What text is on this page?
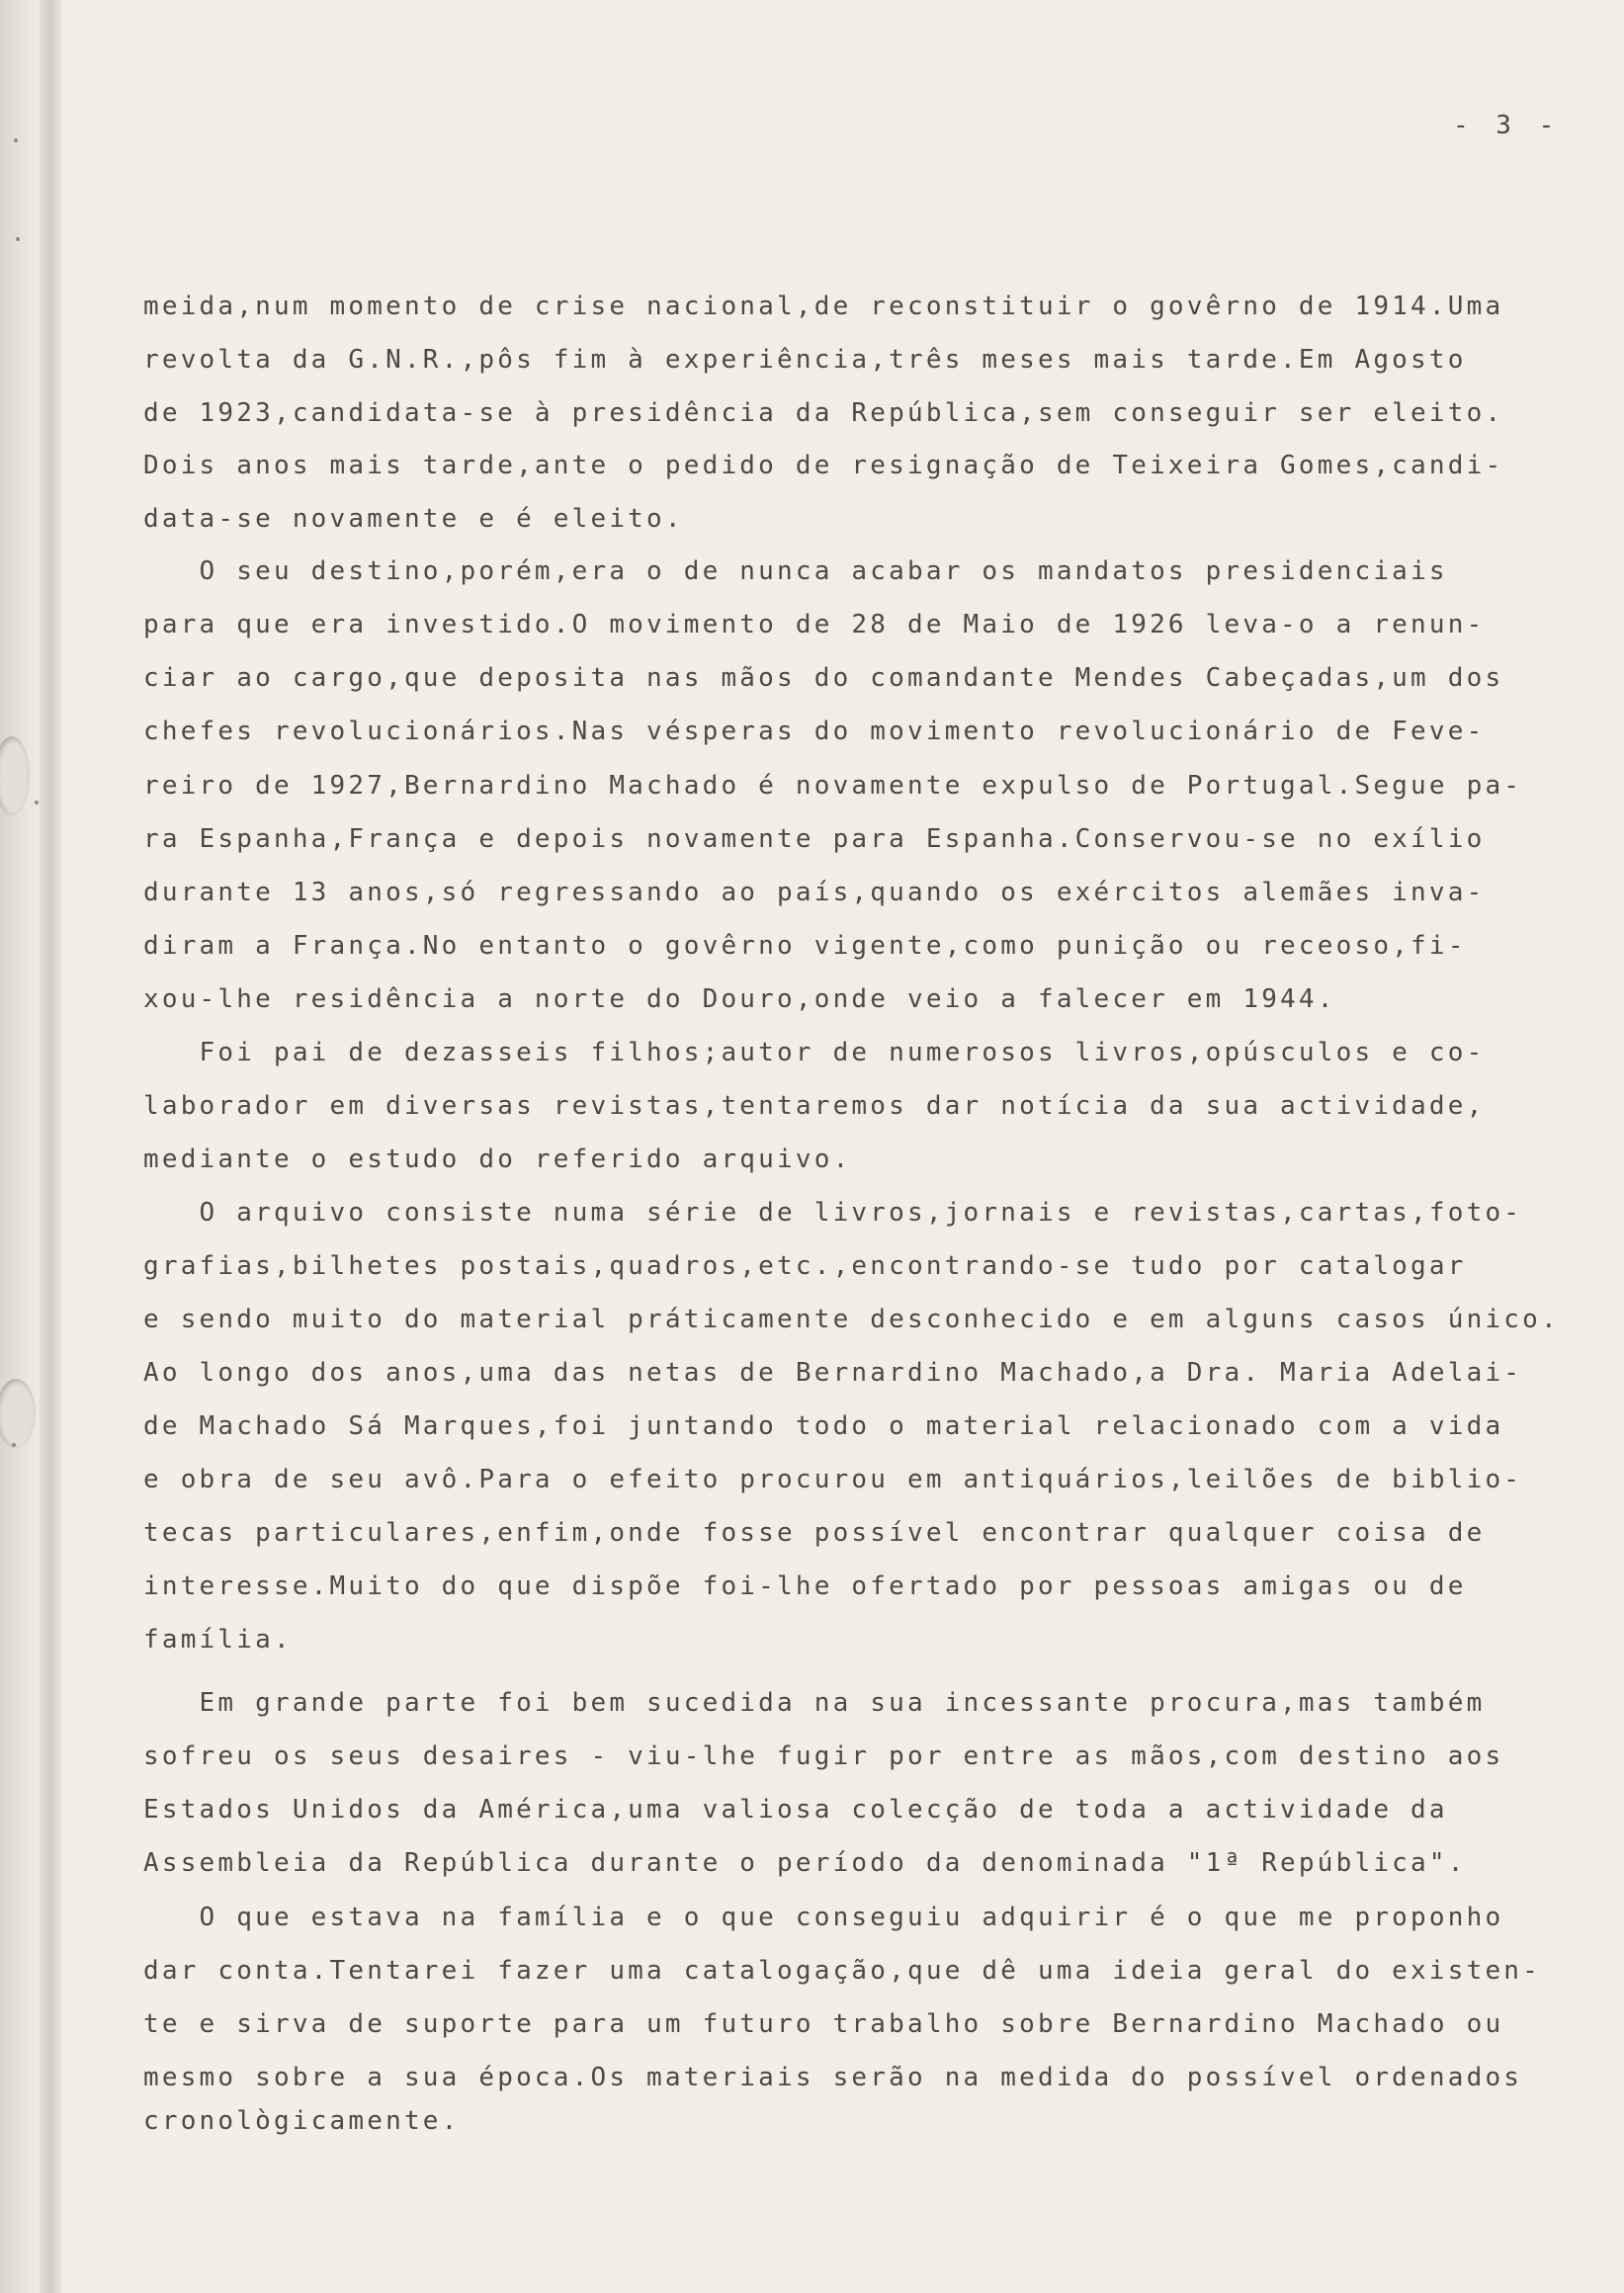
- 3 -
meida,num momento de crise nacional,de reconstituir o govêrno de 1914.Uma
revolta da G.N.R.,pôs fim à experiência,três meses mais tarde.Em Agosto
de 1923,candidata-se à presidência da República,sem conseguir ser eleito.
Dois anos mais tarde,ante o pedido de resignação de Teixeira Gomes,candi-
data-se novamente e é eleito.
O seu destino,porém,era o de nunca acabar os mandatos presidenciais
para que era investido.O movimento de 28 de Maio de 1926 leva-o a renun-
ciar ao cargo,que deposita nas mãos do comandante Mendes Cabeçadas,um dos
chefes revolucionários.Nas vésperas do movimento revolucionário de Feve-
reiro de 1927,Bernardino Machado é novamente expulso de Portugal.Segue pa-
ra Espanha,França e depois novamente para Espanha.Conservou-se no exílio
durante 13 anos,só regressando ao país,quando os exércitos alemães inva-
diram a França.No entanto o govêrno vigente,como punição ou receoso,fi-
xou-lhe residência a norte do Douro,onde veio a falecer em 1944.
Foi pai de dezasseis filhos;autor de numerosos livros,opúsculos e co-
laborador em diversas revistas,tentaremos dar notícia da sua actividade,
mediante o estudo do referido arquivo.
O arquivo consiste numa série de livros,jornais e revistas,cartas,foto-
grafias,bilhetes postais,quadros,etc.,encontrando-se tudo por catalogar
e sendo muito do material práticamente desconhecido e em alguns casos único.
Ao longo dos anos,uma das netas de Bernardino Machado,a Dra. Maria Adelai-
de Machado Sá Marques,foi juntando todo o material relacionado com a vida
e obra de seu avô.Para o efeito procurou em antiquários,leilões de biblio-
tecas particulares,enfim,onde fosse possível encontrar qualquer coisa de
interesse.Muito do que dispõe foi-lhe ofertado por pessoas amigas ou de
família.
Em grande parte foi bem sucedida na sua incessante procura,mas também
sofreu os seus desaires - viu-lhe fugir por entre as mãos,com destino aos
Estados Unidos da América,uma valiosa colecção de toda a actividade da
Assembleia da República durante o período da denominada "1ª República".
O que estava na família e o que conseguiu adquirir é o que me proponho
dar conta.Tentarei fazer uma catalogação,que dê uma ideia geral do existen-
te e sirva de suporte para um futuro trabalho sobre Bernardino Machado ou
mesmo sobre a sua época.Os materiais serão na medida do possível ordenados
cronològicamente.
